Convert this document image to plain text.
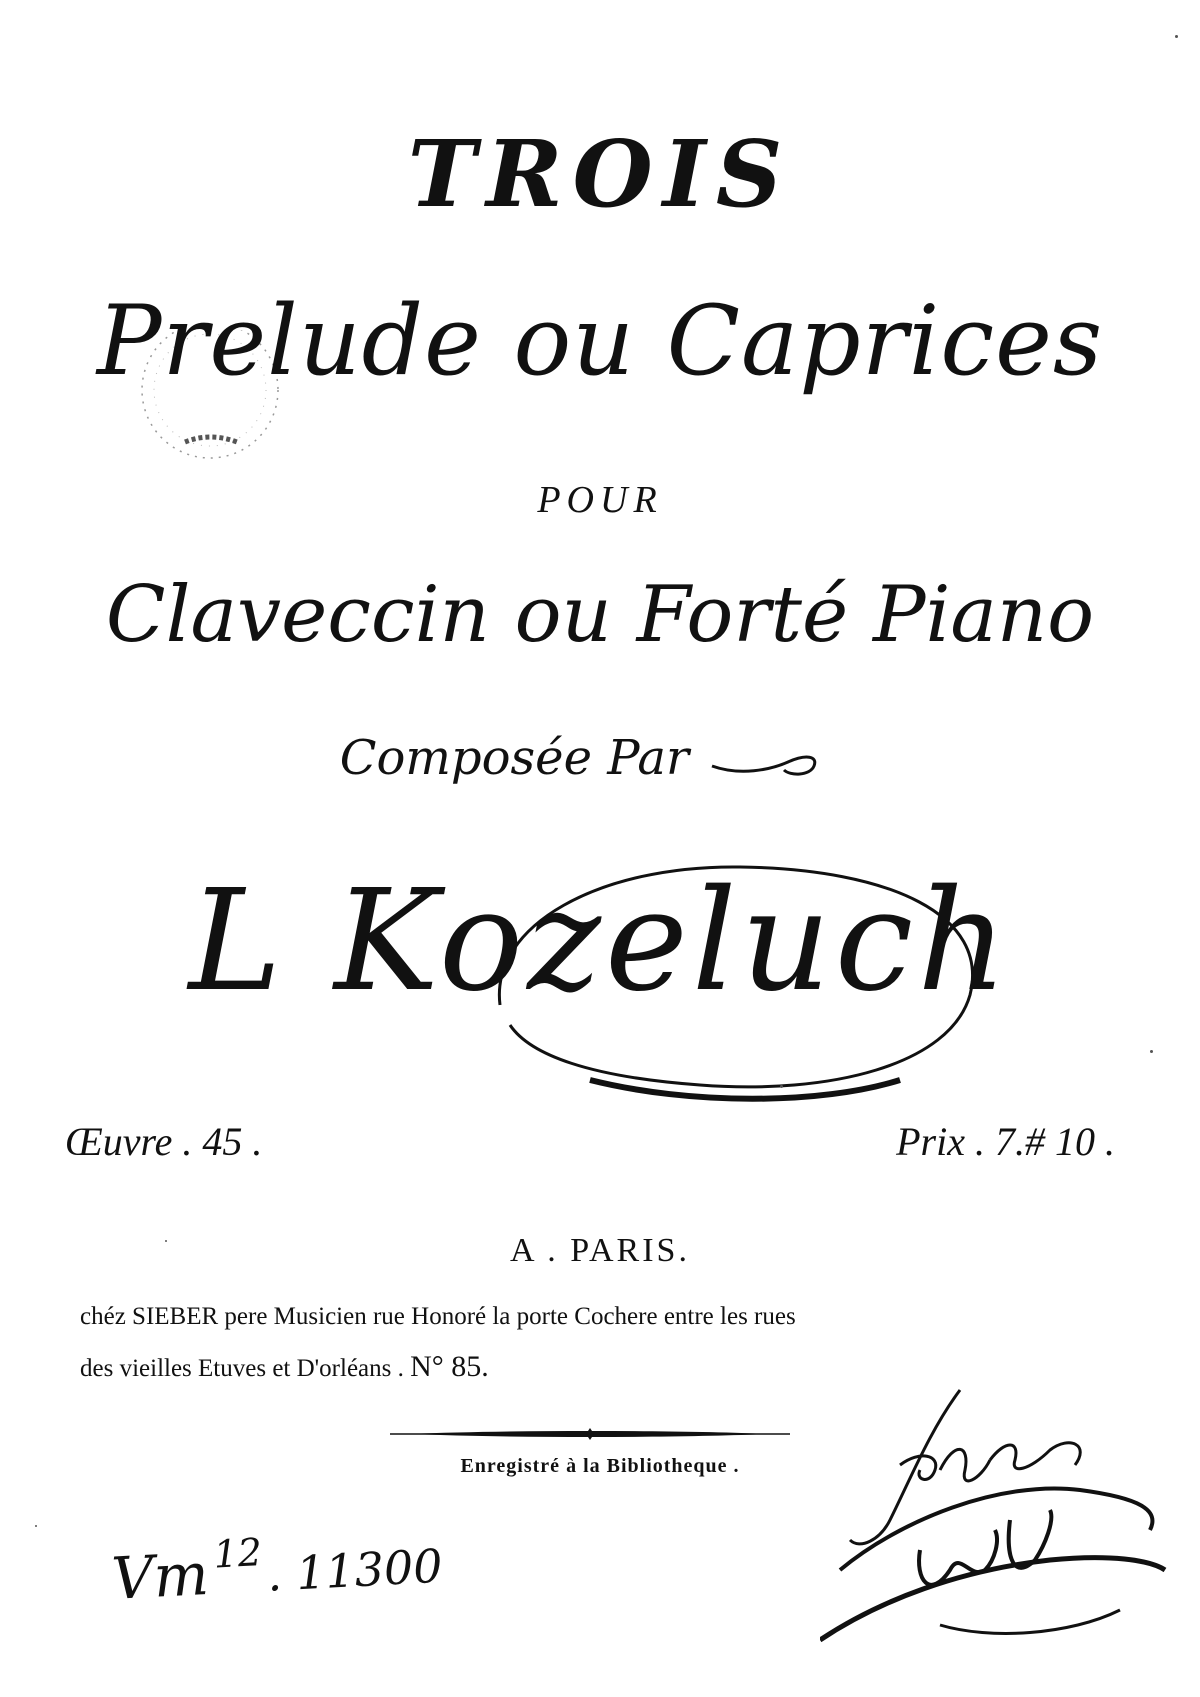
TROIS
Prelude ou Caprices
POUR
Claveccin ou Forté Piano
Composée Par
L Kozeluch
Œuvre . 45 .	Prix . 7.# 10 .
A . PARIS.
chéz SIEBER pere Musicien rue Honoré la porte Cochere entre les rues
des vieilles Etuves et D'orléans . N° 85.
Enregistré à la Bibliotheque .
Vm$^{12}$. 11300
